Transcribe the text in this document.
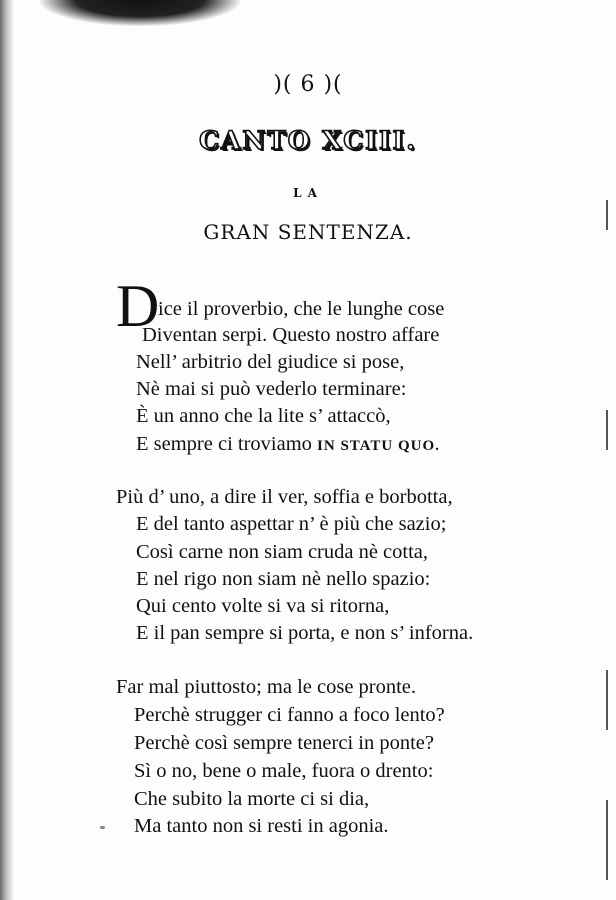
)( 6 )(
CANTO XCIII.
LA
GRAN SENTENZA.
D
ice il proverbio, che le lunghe cose
Diventan serpi. Questo nostro affare
Nell’ arbitrio del giudice si pose,
Nè mai si può vederlo terminare:
È un anno che la lite s’ attaccò,
E sempre ci troviamo IN STATU QUO.
Più d’ uno, a dire il ver, soffia e borbotta,
E del tanto aspettar n’ è più che sazio;
Così carne non siam cruda nè cotta,
E nel rigo non siam nè nello spazio:
Qui cento volte si va si ritorna,
E il pan sempre si porta, e non s’ inforna.
Far mal piuttosto; ma le cose pronte.
Perchè strugger ci fanno a foco lento?
Perchè così sempre tenerci in ponte?
Sì o no, bene o male, fuora o drento:
Che subito la morte ci si dia,
Ma tanto non si resti in agonia.
